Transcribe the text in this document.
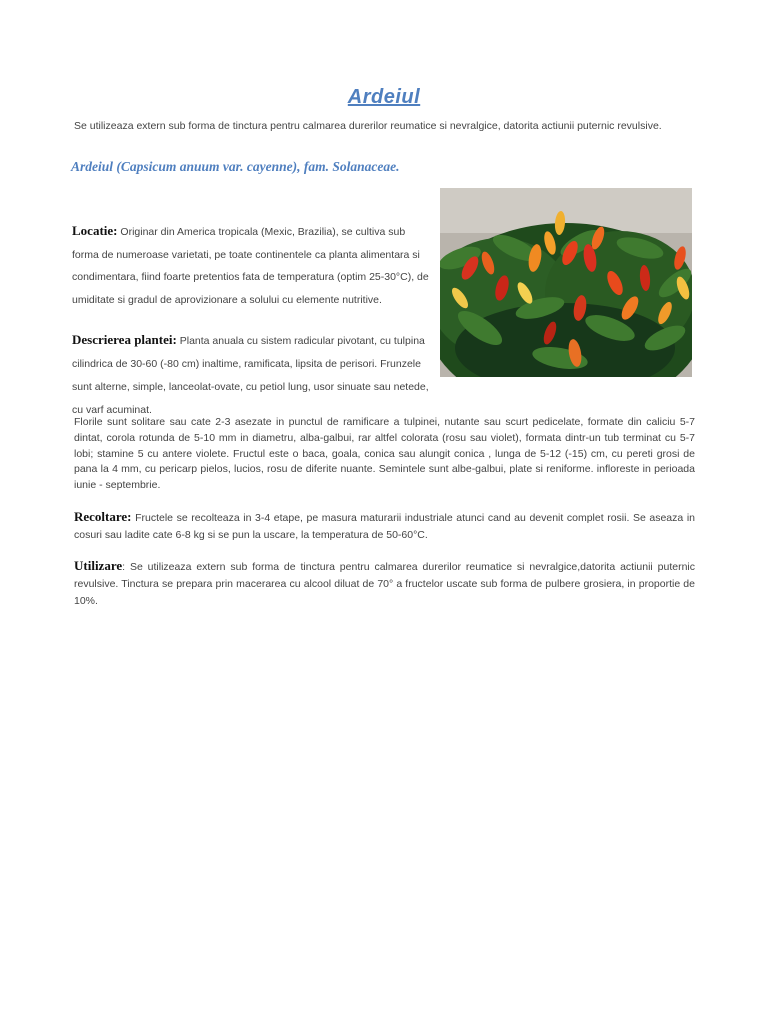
Ardeiul
Se utilizeaza extern sub forma de tinctura pentru calmarea durerilor reumatice si nevralgice, datorita actiunii puternic revulsive.
Ardeiul (Capsicum anuum var. cayenne), fam. Solanaceae.
Locatie: Originar din America tropicala (Mexic, Brazilia), se cultiva sub forma de numeroase varietati, pe toate continentele ca planta alimentara si condimentara, fiind foarte pretentios fata de temperatura (optim 25-30°C), de umiditate si gradul de aprovizionare a solului cu elemente nutritive.
Descrierea plantei: Planta anuala cu sistem radicular pivotant, cu tulpina cilindrica de 30-60 (-80 cm) inaltime, ramificata, lipsita de perisori. Frunzele sunt alterne, simple, lanceolat-ovate, cu petiol lung, usor sinuate sau netede, cu varf acuminat.
Florile sunt solitare sau cate 2-3 asezate in punctul de ramificare a tulpinei, nutante sau scurt pedicelate, formate din caliciu 5-7 dintat, corola rotunda de 5-10 mm in diametru, alba-galbui, rar altfel colorata (rosu sau violet), formata dintr-un tub terminat cu 5-7 lobi; stamine 5 cu antere violete. Fructul este o baca, goala, conica sau alungit conica , lunga de 5-12 (-15) cm, cu pereti grosi de pana la 4 mm, cu pericarp pielos, lucios, rosu de diferite nuante. Semintele sunt albe-galbui, plate si reniforme. infloreste in perioada iunie - septembrie.
Recoltare: Fructele se recolteaza in 3-4 etape, pe masura maturarii industriale atunci cand au devenit complet rosii. Se aseaza in cosuri sau ladite cate 6-8 kg si se pun la uscare, la temperatura de 50-60°C.
Utilizare: Se utilizeaza extern sub forma de tinctura pentru calmarea durerilor reumatice si nevralgice,datorita actiunii puternic revulsive. Tinctura se prepara prin macerarea cu alcool diluat de 70° a fructelor uscate sub forma de pulbere grosiera, in proportie de 10%.
